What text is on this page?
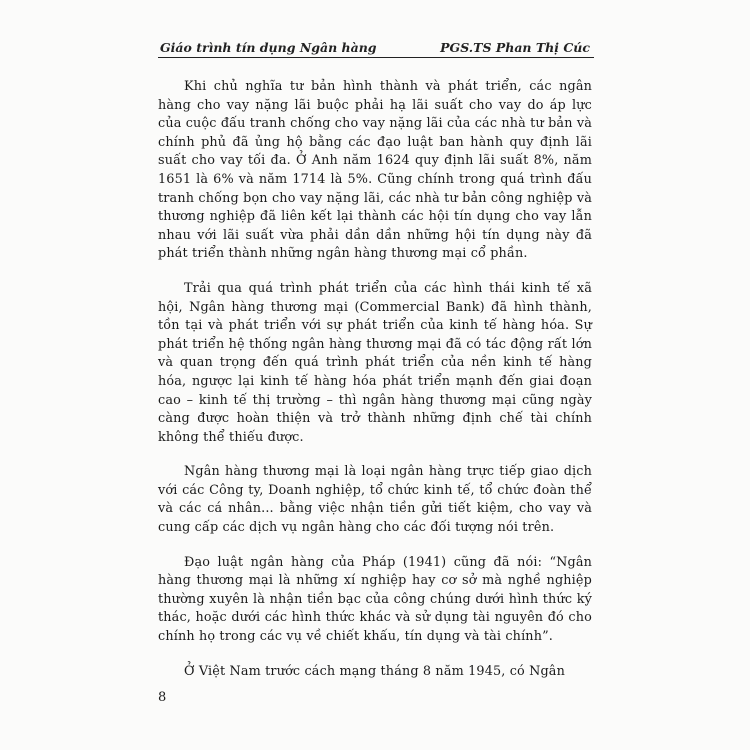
Giáo trình tín dụng Ngân hàng	PGS.TS Phan Thị Cúc

Khi chủ nghĩa tư bản hình thành và phát triển, các ngân hàng cho vay nặng lãi buộc phải hạ lãi suất cho vay do áp lực của cuộc đấu tranh chống cho vay nặng lãi của các nhà tư bản và chính phủ đã ủng hộ bằng các đạo luật ban hành quy định lãi suất cho vay tối đa. Ở Anh năm 1624 quy định lãi suất 8%, năm 1651 là 6% và năm 1714 là 5%. Cũng chính trong quá trình đấu tranh chống bọn cho vay nặng lãi, các nhà tư bản công nghiệp và thương nghiệp đã liên kết lại thành các hội tín dụng cho vay lẫn nhau với lãi suất vừa phải dần dần những hội tín dụng này đã phát triển thành những ngân hàng thương mại cổ phần.

Trải qua quá trình phát triển của các hình thái kinh tế xã hội, Ngân hàng thương mại (Commercial Bank) đã hình thành, tồn tại và phát triển với sự phát triển của kinh tế hàng hóa. Sự phát triển hệ thống ngân hàng thương mại đã có tác động rất lớn và quan trọng đến quá trình phát triển của nền kinh tế hàng hóa, ngược lại kinh tế hàng hóa phát triển mạnh đến giai đoạn cao – kinh tế thị trường – thì ngân hàng thương mại cũng ngày càng được hoàn thiện và trở thành những định chế tài chính không thể thiếu được.

Ngân hàng thương mại là loại ngân hàng trực tiếp giao dịch với các Công ty, Doanh nghiệp, tổ chức kinh tế, tổ chức đoàn thể và các cá nhân... bằng việc nhận tiền gửi tiết kiệm, cho vay và cung cấp các dịch vụ ngân hàng cho các đối tượng nói trên.

Đạo luật ngân hàng của Pháp (1941) cũng đã nói: “Ngân hàng thương mại là những xí nghiệp hay cơ sở mà nghề nghiệp thường xuyên là nhận tiền bạc của công chúng dưới hình thức ký thác, hoặc dưới các hình thức khác và sử dụng tài nguyên đó cho chính họ trong các vụ về chiết khấu, tín dụng và tài chính”.

Ở Việt Nam trước cách mạng tháng 8 năm 1945, có Ngân

8
